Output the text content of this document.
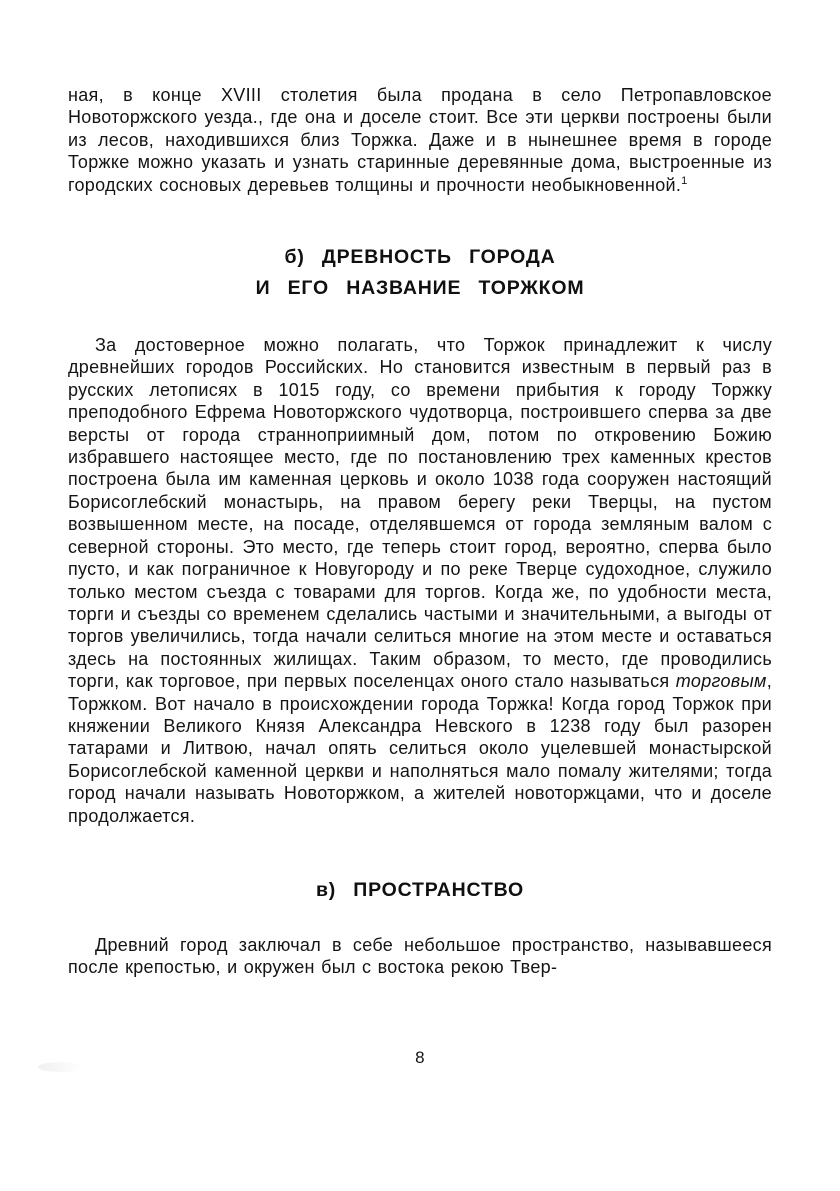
ная, в конце XVIII столетия была продана в село Петропавловское Новоторжского уезда., где она и доселе стоит. Все эти церкви построены были из лесов, находившихся близ Торжка. Даже и в нынешнее время в городе Торжке можно указать и узнать старинные деревянные дома, выстроенные из городских сосновых деревьев толщины и прочности необыкновенной.$^1$

б) ДРЕВНОСТЬ ГОРОДА
И ЕГО НАЗВАНИЕ ТОРЖКОМ

За достоверное можно полагать, что Торжок принадлежит к числу древнейших городов Российских. Но становится известным в первый раз в русских летописях в 1015 году, со времени прибытия к городу Торжку преподобного Ефрема Новоторжского чудотворца, построившего сперва за две версты от города странноприимный дом, потом по откровению Божию избравшего настоящее место, где по постановлению трех каменных крестов построена была им каменная церковь и около 1038 года сооружен настоящий Борисоглебский монастырь, на правом берегу реки Тверцы, на пустом возвышенном месте, на посаде, отделявшемся от города земляным валом с северной стороны. Это место, где теперь стоит город, вероятно, сперва было пусто, и как пограничное к Новугороду и по реке Тверце судоходное, служило только местом съезда с товарами для торгов. Когда же, по удобности места, торги и съезды со временем сделались частыми и значительными, а выгоды от торгов увеличились, тогда начали селиться многие на этом месте и оставаться здесь на постоянных жилищах. Таким образом, то место, где проводились торги, как торговое, при первых поселенцах оного стало называться торговым, Торжком. Вот начало в происхождении города Торжка! Когда город Торжок при княжении Великого Князя Александра Невского в 1238 году был разорен татарами и Литвою, начал опять селиться около уцелевшей монастырской Борисоглебской каменной церкви и наполняться мало помалу жителями; тогда город начали называть Новоторжком, а жителей новоторжцами, что и доселе продолжается.

в) ПРОСТРАНСТВО

Древний город заключал в себе небольшое пространство, называвшееся после крепостью, и окружен был с востока рекою Твер-

8
